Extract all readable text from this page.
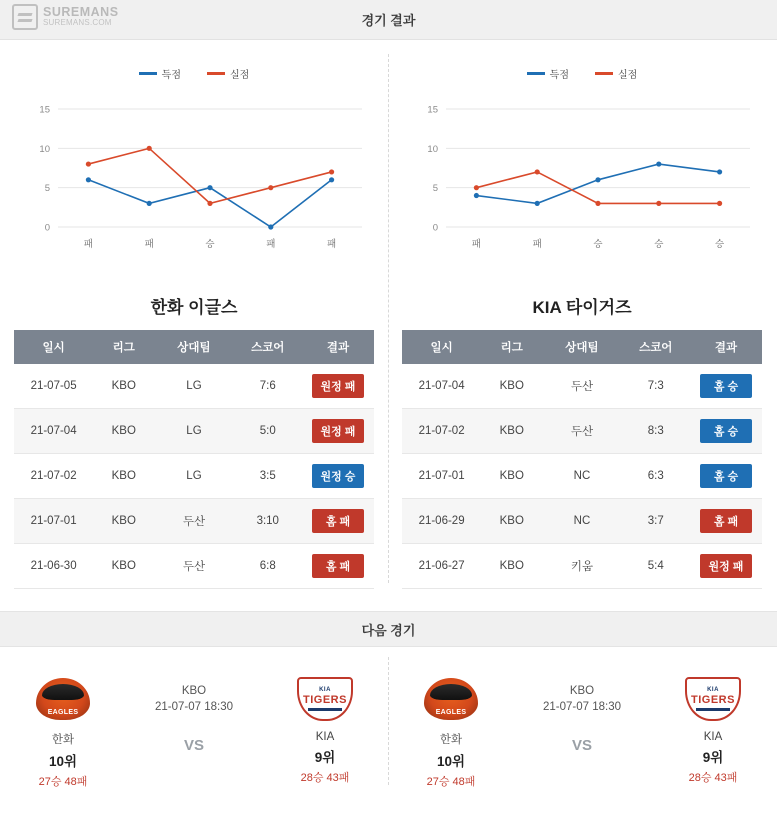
SUREMANS
SUREMANS.COM	경기 결과
득점	실점
0
5
10
15
패	패	승	패	패
한화 이글스
일시	리그	상대팀	스코어	결과
21-07-05	KBO	LG	7:6	원정 패
21-07-04	KBO	LG	5:0	원정 패
21-07-02	KBO	LG	3:5	원정 승
21-07-01	KBO	두산	3:10	홈 패
21-06-30	KBO	두산	6:8	홈 패
득점	실점
0
5
10
15
패	패	승	승	승
KIA 타이거즈
일시	리그	상대팀	스코어	결과
21-07-04	KBO	두산	7:3	홈 승
21-07-02	KBO	두산	8:3	홈 승
21-07-01	KBO	NC	6:3	홈 승
21-06-29	KBO	NC	3:7	홈 패
21-06-27	KBO	키움	5:4	원정 패
다음 경기
EAGLES
한화
10위
27승 48패
KBO
21-07-07 18:30
VS
KIA
TIGERS
KIA
9위
28승 43패
EAGLES
한화
10위
27승 48패
KBO
21-07-07 18:30
VS
KIA
TIGERS
KIA
9위
28승 43패
